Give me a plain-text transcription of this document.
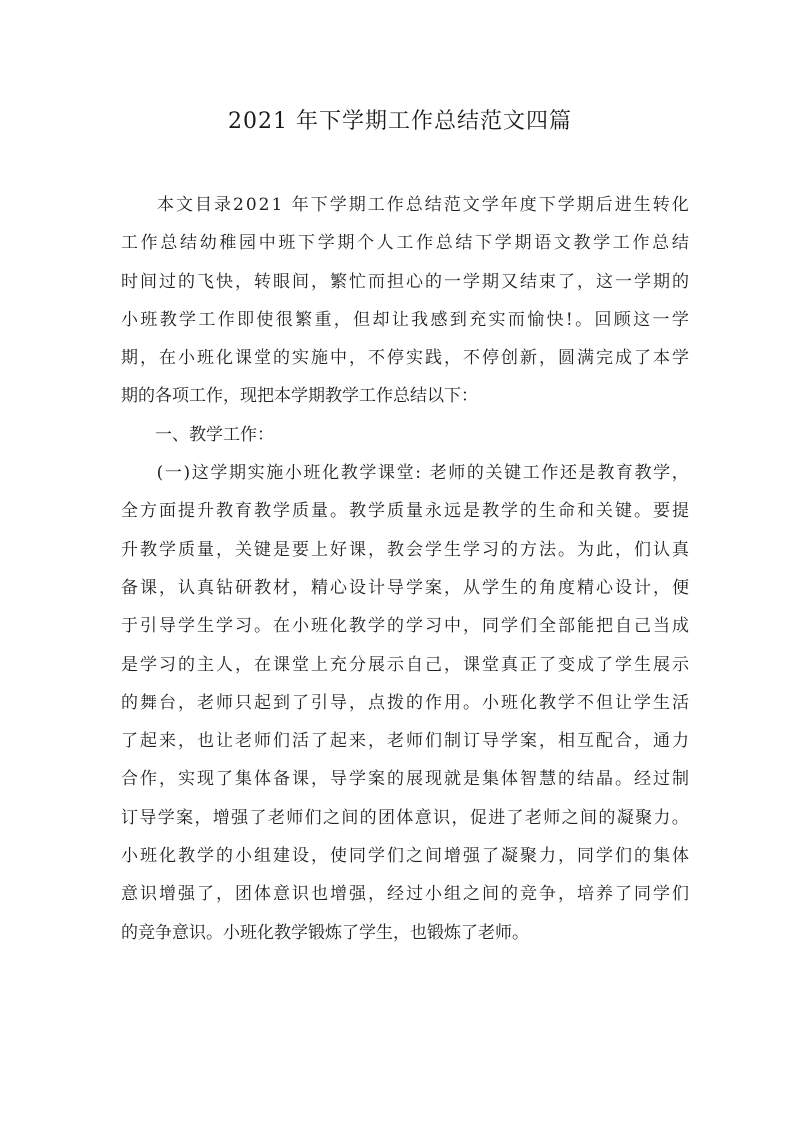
2021 年下学期工作总结范文四篇

本 文 目 录 2 0 2 1
年 下 学 期 工 作 总 结 范 文 学 年 度 下 学 期 后 进 生 转 化
工 作 总 结 幼 稚 园 中 班 下 学 期 个 人 工 作 总 结 下 学 期 语 文 教 学 工 作 总 结
时 间 过 的 飞 快 ， 转 眼 间 ， 繁 忙 而 担 心 的 一 学 期 又 结 束 了 ， 这 一 学 期 的
小 班 教 学 工 作 即 使 很 繁 重 ， 但 却 让 我 感 到 充 实 而 愉 快 ! 。 回 顾 这 一 学
期 ， 在 小 班 化 课 堂 的 实 施 中 ， 不 停 实 践 ， 不 停 创 新 ， 圆 满 完 成 了 本 学
期的各项工作，现把本学期教学工作总结以下：
　　一、教学工作：

( 一 ) 这 学 期 实 施 小 班 化 教 学 课 堂 :
老 师 的 关 键 工 作 还 是 教 育 教 学 ，
全 方 面 提 升 教 育 教 学 质 量 。 教 学 质 量 永 远 是 教 学 的 生 命 和 关 键 。 要 提
升 教 学 质 量 ， 关 键 是 要 上 好 课 ， 教 会 学 生 学 习 的 方 法 。 为 此 ， 们 认 真
备 课 ， 认 真 钻 研 教 材 ， 精 心 设 计 导 学 案 ， 从 学 生 的 角 度 精 心 设 计 ， 便
于 引 导 学 生 学 习 。 在 小 班 化 教 学 的 学 习 中 ， 同 学 们 全 部 能 把 自 己 当 成
是 学 习 的 主 人 ， 在 课 堂 上 充 分 展 示 自 己 ， 课 堂 真 正 了 变 成 了 学 生 展 示
的 舞 台 ， 老 师 只 起 到 了 引 导 ， 点 拨 的 作 用 。 小 班 化 教 学 不 但 让 学 生 活
了 起 来 ， 也 让 老 师 们 活 了 起 来 ， 老 师 们 制 订 导 学 案 ， 相 互 配 合 ， 通 力
合 作 ， 实 现 了 集 体 备 课 ， 导 学 案 的 展 现 就 是 集 体 智 慧 的 结 晶 。 经 过 制
订 导 学 案 ， 增 强 了 老 师 们 之 间 的 团 体 意 识 ， 促 进 了 老 师 之 间 的 凝 聚 力 。
小 班 化 教 学 的 小 组 建 设 ， 使 同 学 们 之 间 增 强 了 凝 聚 力 ， 同 学 们 的 集 体
意 识 增 强 了 ， 团 体 意 识 也 增 强 ， 经 过 小 组 之 间 的 竞 争 ， 培 养 了 同 学 们
的竞争意识。小班化教学锻炼了学生，也锻炼了老师。
